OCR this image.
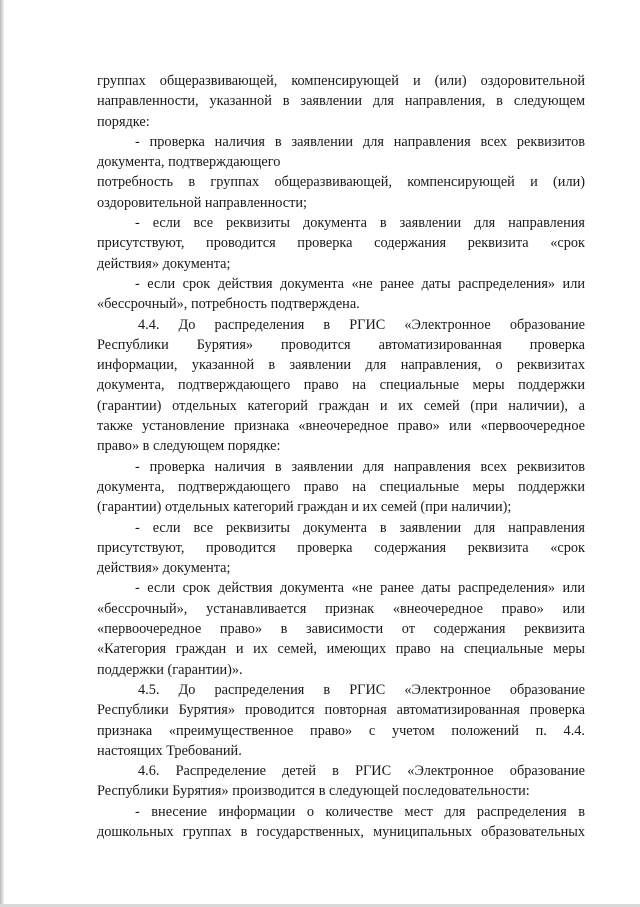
группах общеразвивающей, компенсирующей и (или) оздоровительной
направленности, указанной в заявлении для направления, в следующем
порядке:
- проверка наличия в заявлении для направления всех реквизитов
документа, подтверждающего
потребность в группах общеразвивающей, компенсирующей и (или)
оздоровительной направленности;
- если все реквизиты документа в заявлении для направления
присутствуют, проводится проверка содержания реквизита «срок
действия» документа;
- если срок действия документа «не ранее даты распределения» или
«бессрочный», потребность подтверждена.
4.4. До распределения в РГИС «Электронное образование
Республики Бурятия» проводится автоматизированная проверка
информации, указанной в заявлении для направления, о реквизитах
документа, подтверждающего право на специальные меры поддержки
(гарантии) отдельных категорий граждан и их семей (при наличии), а
также установление признака «внеочередное право» или «первоочередное
право» в следующем порядке:
- проверка наличия в заявлении для направления всех реквизитов
документа, подтверждающего право на специальные меры поддержки
(гарантии) отдельных категорий граждан и их семей (при наличии);
- если все реквизиты документа в заявлении для направления
присутствуют, проводится проверка содержания реквизита «срок
действия» документа;
- если срок действия документа «не ранее даты распределения» или
«бессрочный», устанавливается признак «внеочередное право» или
«первоочередное право» в зависимости от содержания реквизита
«Категория граждан и их семей, имеющих право на специальные меры
поддержки (гарантии)».
4.5. До распределения в РГИС «Электронное образование
Республики Бурятия» проводится повторная автоматизированная проверка
признака «преимущественное право» с учетом положений п. 4.4.
настоящих Требований.
4.6. Распределение детей в РГИС «Электронное образование
Республики Бурятия» производится в следующей последовательности:
- внесение информации о количестве мест для распределения в
дошкольных группах в государственных, муниципальных образовательных
